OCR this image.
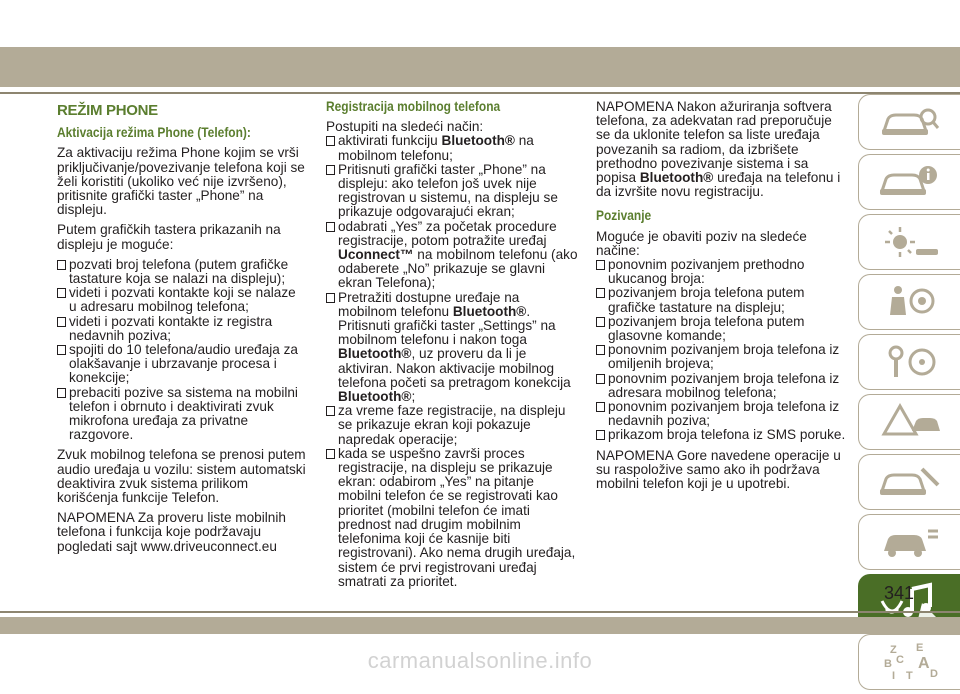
REŽIM PHONE
Aktivacija režima Phone (Telefon):

Za aktivaciju režima Phone kojim se vrši priključivanje/povezivanje telefona koji se želi koristiti (ukoliko već nije izvršeno), pritisnite grafički taster „Phone” na displeju.

Putem grafičkih tastera prikazanih na displeju je moguće:

pozvati broj telefona (putem grafičke tastature koja se nalazi na displeju);
videti i pozvati kontakte koji se nalaze u adresaru mobilnog telefona;
videti i pozvati kontakte iz registra nedavnih poziva;
spojiti do 10 telefona/audio uređaja za olakšavanje i ubrzavanje procesa i konekcije;
prebaciti pozive sa sistema na mobilni telefon i obrnuto i deaktivirati zvuk mikrofona uređaja za privatne razgovore.

Zvuk mobilnog telefona se prenosi putem audio uređaja u vozilu: sistem automatski deaktivira zvuk sistema prilikom korišćenja funkcije Telefon.

NAPOMENA Za proveru liste mobilnih telefona i funkcija koje podržavaju pogledati sajt www.driveuconnect.eu

Registracija mobilnog telefona

Postupiti na sledeći način:

aktivirati funkciju Bluetooth® na mobilnom telefonu;
Pritisnuti grafički taster „Phone” na displeju: ako telefon još uvek nije registrovan u sistemu, na displeju se prikazuje odgovarajući ekran;
odabrati „Yes” za početak procedure registracije, potom potražite uređaj Uconnect™ na mobilnom telefonu (ako odaberete „No” prikazuje se glavni ekran Telefona);
Pretražiti dostupne uređaje na mobilnom telefonu Bluetooth®. Pritisnuti grafički taster „Settings” na mobilnom telefonu i nakon toga Bluetooth®, uz proveru da li je aktiviran. Nakon aktivacije mobilnog telefona početi sa pretragom konekcija Bluetooth®;
za vreme faze registracije, na displeju se prikazuje ekran koji pokazuje napredak operacije;
kada se uspešno završi proces registracije, na displeju se prikazuje ekran: odabirom „Yes” na pitanje mobilni telefon će se registrovati kao prioritet (mobilni telefon će imati prednost nad drugim mobilnim telefonima koji će kasnije biti registrovani). Ako nema drugih uređaja, sistem će prvi registrovani uređaj smatrati za prioritet.

NAPOMENA Nakon ažuriranja softvera telefona, za adekvatan rad preporučuje se da uklonite telefon sa liste uređaja povezanih sa radiom, da izbrišete prethodno povezivanje sistema i sa popisa Bluetooth® uređaja na telefonu i da izvršite novu registraciju.

Pozivanje

Moguće je obaviti poziv na sledeće načine:

ponovnim pozivanjem prethodno ukucanog broja:
pozivanjem broja telefona putem grafičke tastature na displeju;
pozivanjem broja telefona putem glasovne komande;
ponovnim pozivanjem broja telefona iz omiljenih brojeva;
ponovnim pozivanjem broja telefona iz adresara mobilnog telefona;
ponovnim pozivanjem broja telefona iz nedavnih poziva;
prikazom broja telefona iz SMS poruke.

NAPOMENA Gore navedene operacije u su raspoložive samo ako ih podržava mobilni telefon koji je u upotrebi.

Z E
B A
C
I T D
341
carmanualsonline.info
